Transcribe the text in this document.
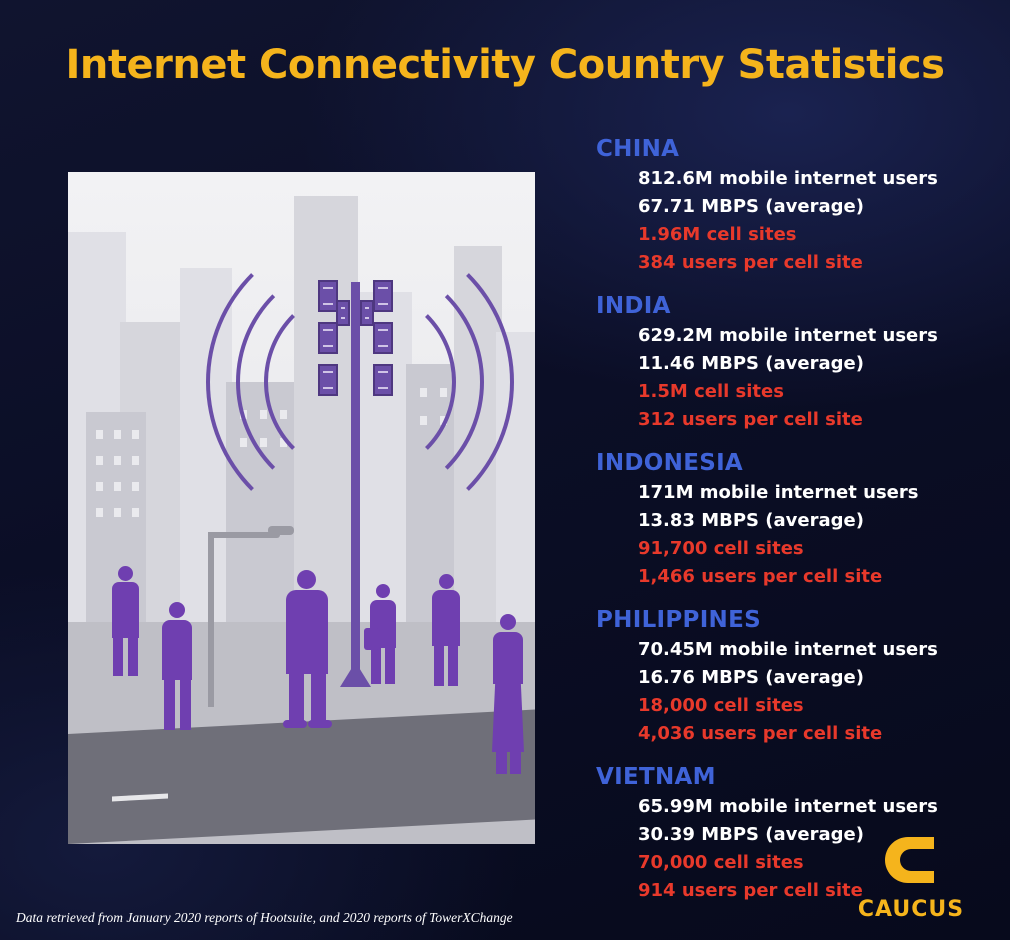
Internet Connectivity Country Statistics
CHINA
812.6M mobile internet users
67.71 MBPS (average)
1.96M cell sites
384 users per cell site
INDIA
629.2M mobile internet users
11.46 MBPS (average)
1.5M cell sites
312 users per cell site
INDONESIA
171M mobile internet users
13.83 MBPS (average)
91,700 cell sites
1,466 users per cell site
PHILIPPINES
70.45M mobile internet users
16.76 MBPS (average)
18,000 cell sites
4,036 users per cell site
VIETNAM
65.99M mobile internet users
30.39 MBPS (average)
70,000 cell sites
914 users per cell site
Data retrieved from January 2020 reports of Hootsuite, and 2020 reports of TowerXChange	CAUCUS
